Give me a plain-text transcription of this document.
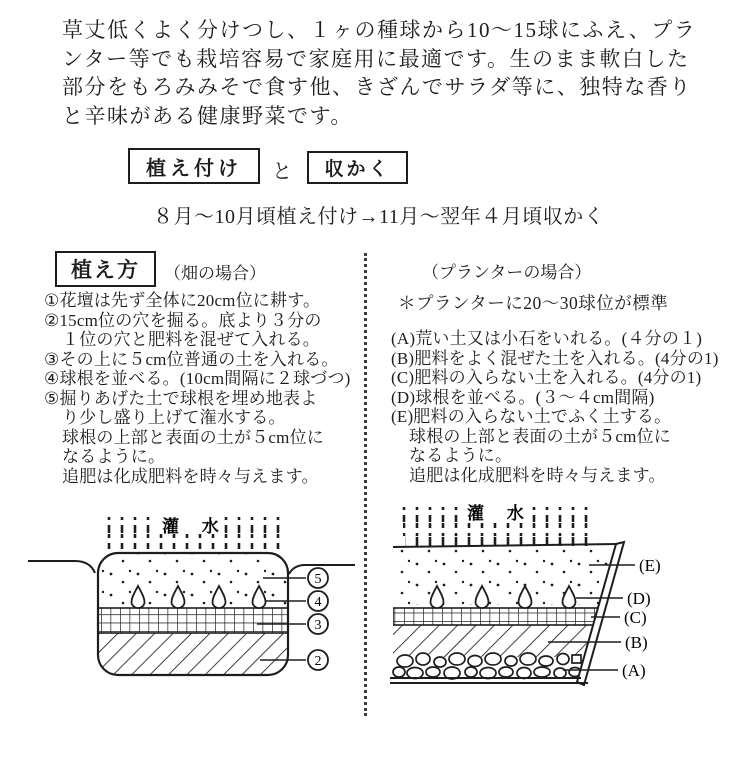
草丈低くよく分けつし、１ヶの種球から10～15球にふえ、プラ
ンター等でも栽培容易で家庭用に最適です。生のまま軟白した
部分をもろみみそで食す他、きざんでサラダ等に、独特な香り
と辛味がある健康野菜です。
植え付け	と	収かく
８月～10月頃植え付け→11月～翌年４月頃収かく
植え方	（畑の場合）
①花壇は先ず全体に20cm位に耕す。
②15cm位の穴を掘る。底より３分の
１位の穴と肥料を混ぜて入れる。
③その上に５cm位普通の土を入れる。
④球根を並べる。(10cm間隔に２球づつ)
⑤掘りあげた土で球根を埋め地表よ
り少し盛り上げて潅水する。
球根の上部と表面の土が５cm位に
なるように。
追肥は化成肥料を時々与えます。
（プランターの場合）
＊プランターに20～30球位が標準
(A)荒い土又は小石をいれる。(４分の１)
(B)肥料をよく混ぜた土を入れる。(4分の1)
(C)肥料の入らない土を入れる。(4分の1)
(D)球根を並べる。(３～４cm間隔)
(E)肥料の入らない土でふく土する。
球根の上部と表面の土が５cm位に
なるように。
追肥は化成肥料を時々与えます。
灌 水
5
4
3
2
灌 水
(E)
(D)
(C)
(B)
(A)
